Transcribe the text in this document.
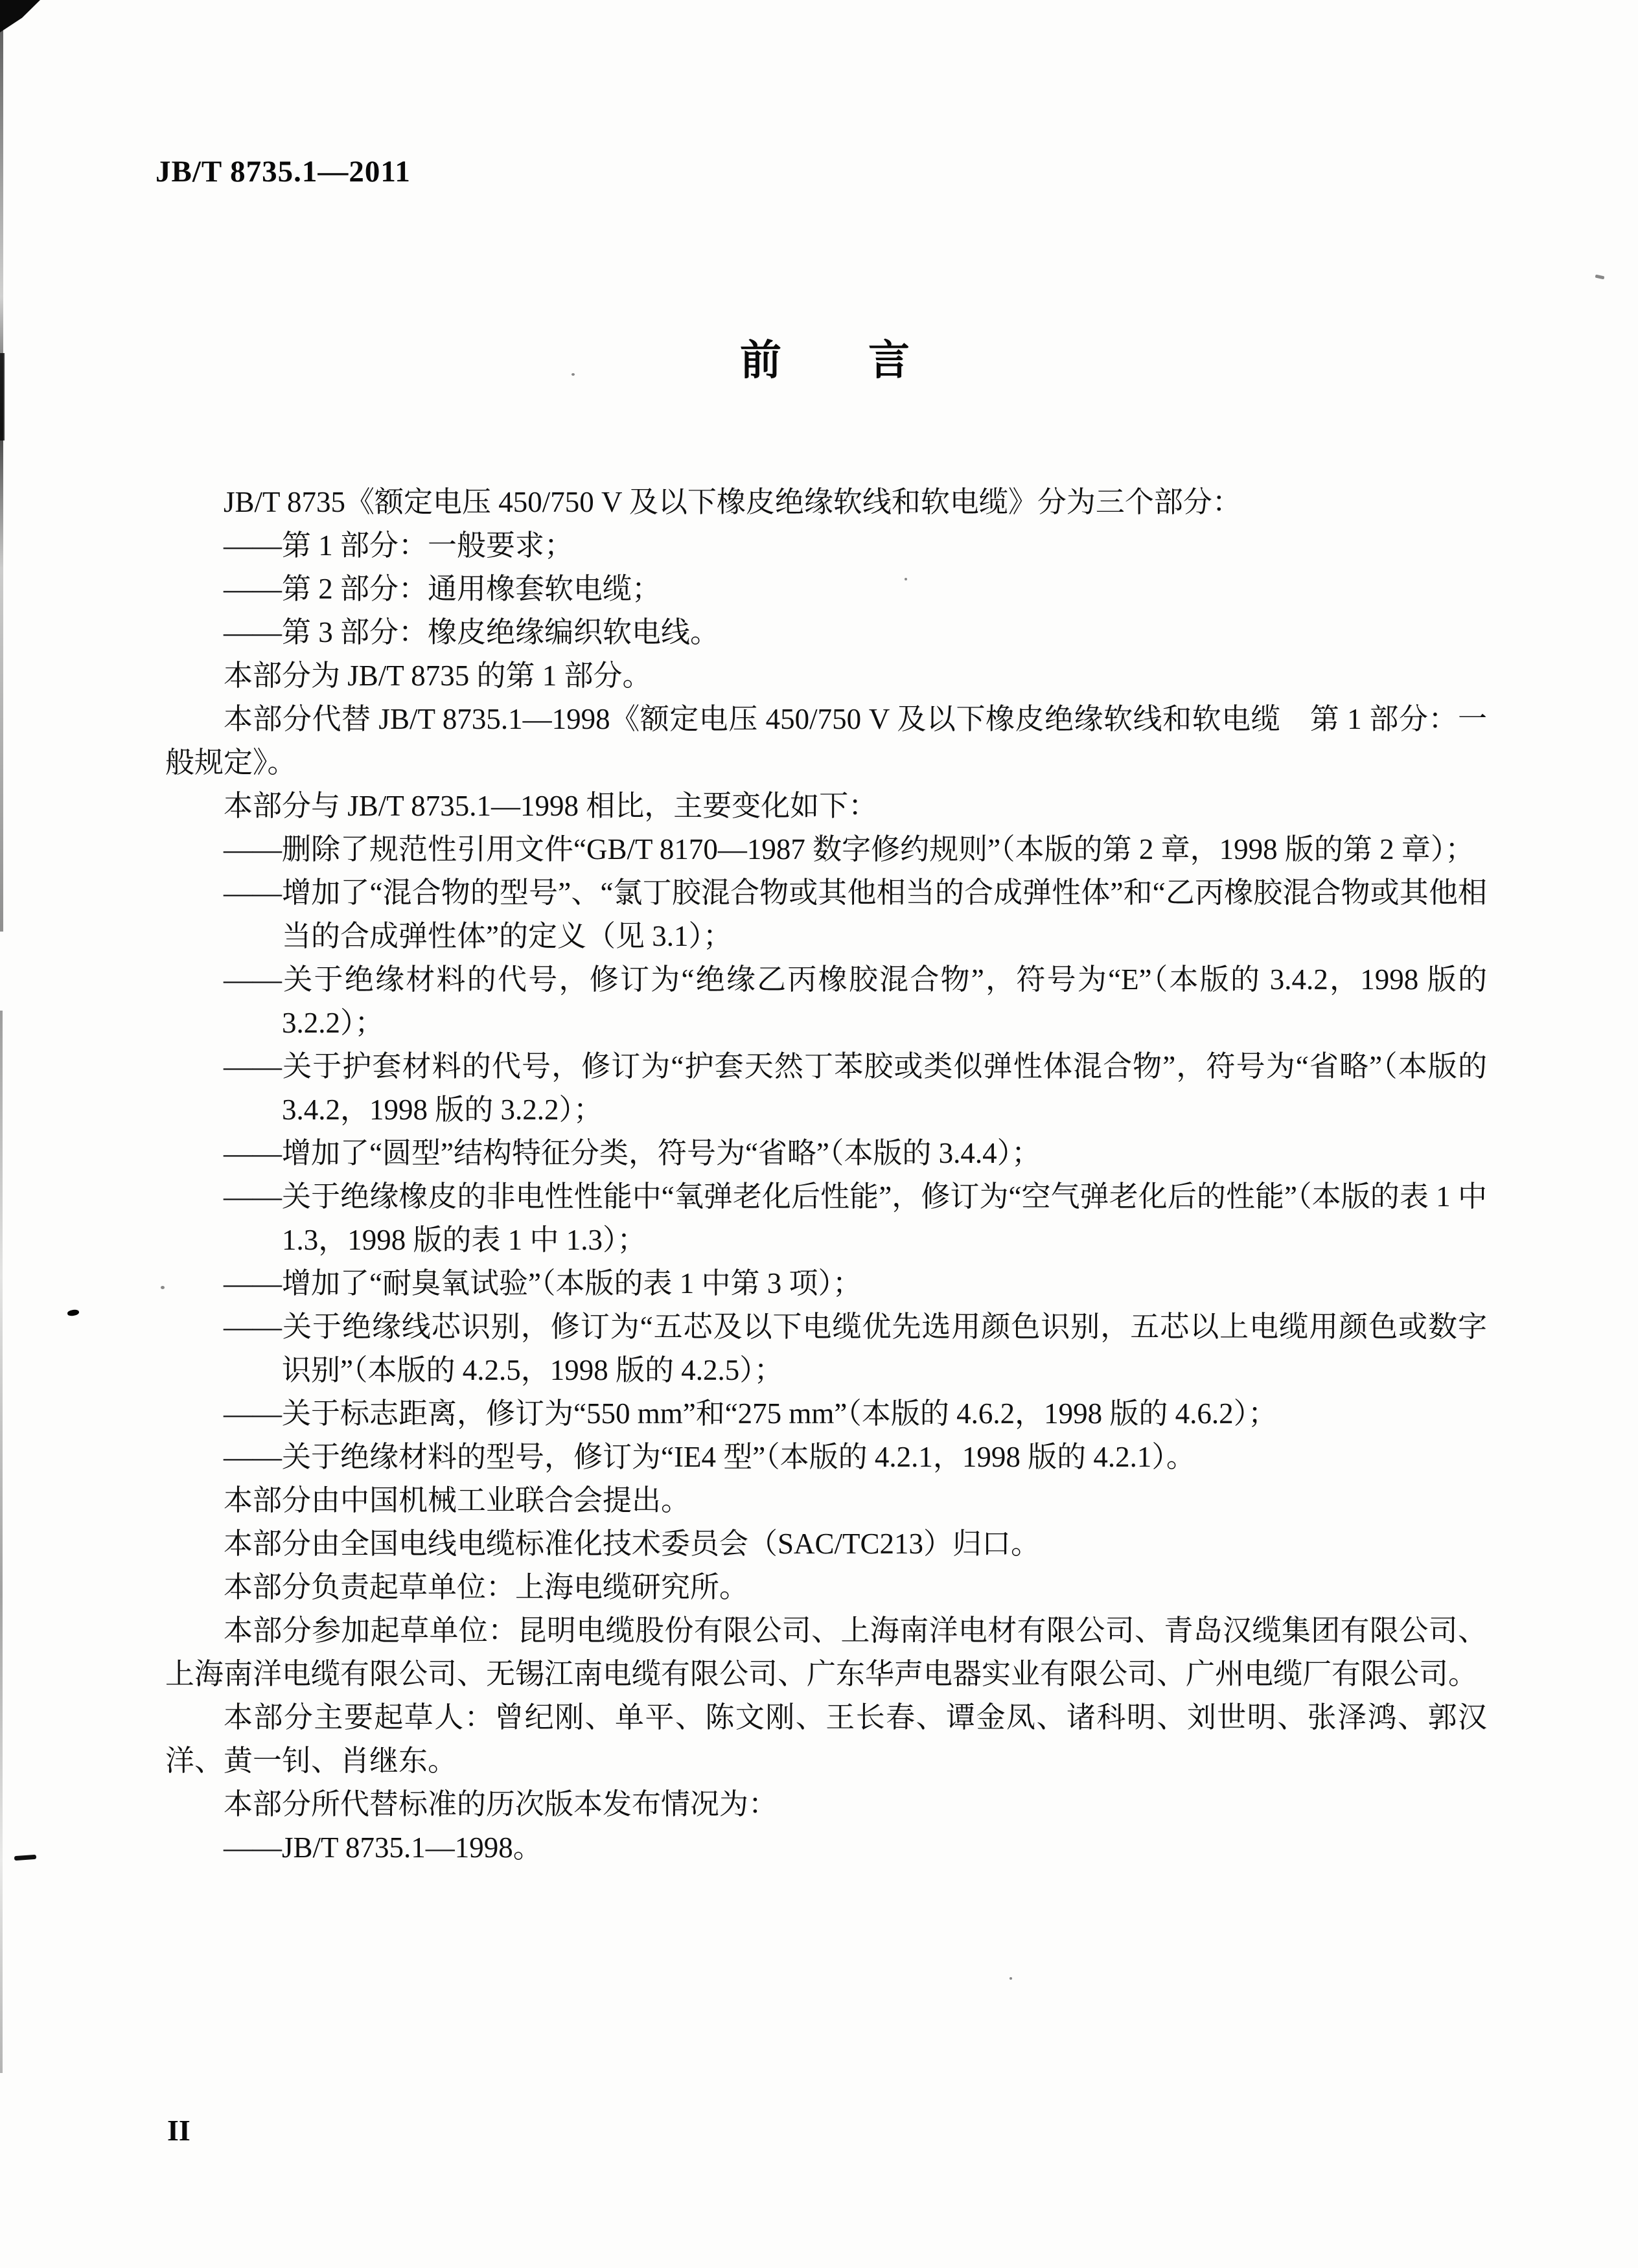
JB/T 8735.1—2011
前　　言

JB/T 8735《额定电压 450/750 V 及以下橡皮绝缘软线和软电缆》分为三个部分：

——第 1 部分：一般要求；

——第 2 部分：通用橡套软电缆；

——第 3 部分：橡皮绝缘编织软电线。

本部分为 JB/T 8735 的第 1 部分。

本部分代替 JB/T 8735.1—1998《额定电压 450/750 V 及以下橡皮绝缘软线和软电缆　第 1 部分：一般规定》。

本部分与 JB/T 8735.1—1998 相比，主要变化如下：

——删除了规范性引用文件“GB/T 8170—1987 数字修约规则”（本版的第 2 章，1998 版的第 2 章）；

——增加了“混合物的型号”、“氯丁胶混合物或其他相当的合成弹性体”和“乙丙橡胶混合物或其他相当的合成弹性体”的定义（见 3.1）；

——关于绝缘材料的代号，修订为“绝缘乙丙橡胶混合物”，符号为“E”（本版的 3.4.2，1998 版的 3.2.2）；

——关于护套材料的代号，修订为“护套天然丁苯胶或类似弹性体混合物”，符号为“省略”（本版的 3.4.2，1998 版的 3.2.2）；

——增加了“圆型”结构特征分类，符号为“省略”（本版的 3.4.4）；

——关于绝缘橡皮的非电性性能中“氧弹老化后性能”，修订为“空气弹老化后的性能”（本版的表 1 中 1.3，1998 版的表 1 中 1.3）；

——增加了“耐臭氧试验”（本版的表 1 中第 3 项）；

——关于绝缘线芯识别，修订为“五芯及以下电缆优先选用颜色识别，五芯以上电缆用颜色或数字识别”（本版的 4.2.5，1998 版的 4.2.5）；

——关于标志距离，修订为“550 mm”和“275 mm”（本版的 4.6.2，1998 版的 4.6.2）；

——关于绝缘材料的型号，修订为“IE4 型”（本版的 4.2.1，1998 版的 4.2.1）。

本部分由中国机械工业联合会提出。

本部分由全国电线电缆标准化技术委员会（SAC/TC213）归口。

本部分负责起草单位：上海电缆研究所。

本部分参加起草单位：昆明电缆股份有限公司、上海南洋电材有限公司、青岛汉缆集团有限公司、上海南洋电缆有限公司、无锡江南电缆有限公司、广东华声电器实业有限公司、广州电缆厂有限公司。

本部分主要起草人：曾纪刚、单平、陈文刚、王长春、谭金凤、诸科明、刘世明、张泽鸿、郭汉洋、黄一钊、肖继东。

本部分所代替标准的历次版本发布情况为：

——JB/T 8735.1—1998。

II
